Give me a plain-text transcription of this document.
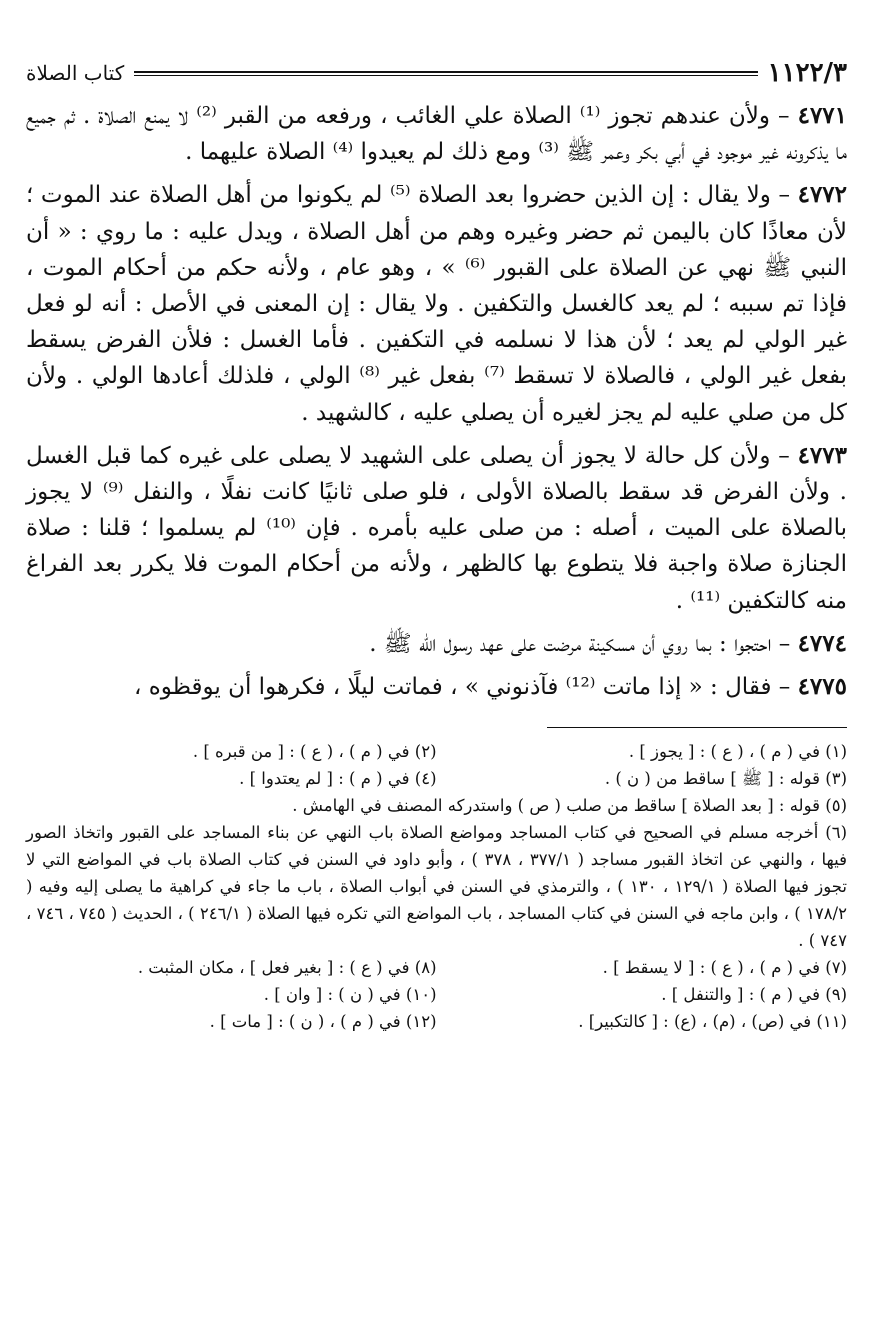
١١٢٢/٣
كتاب الصلاة

٤٧٧١ – ولأن عندهم تجوز ⁽¹⁾ الصلاة علي الغائب ، ورفعه من القبر ⁽²⁾ لا يمنع الصلاة . ثم جميع ما يذكرونه غير موجود في أبي بكر وعمر ﷺ ⁽³⁾ ومع ذلك لم يعيدوا ⁽⁴⁾ الصلاة عليهما .

٤٧٧٢ – ولا يقال : إن الذين حضروا بعد الصلاة ⁽⁵⁾ لم يكونوا من أهل الصلاة عند الموت ؛ لأن معاذًا كان باليمن ثم حضر وغيره وهم من أهل الصلاة ، ويدل عليه : ما روي : « أن النبي ﷺ نهي عن الصلاة على القبور ⁽⁶⁾ » ، وهو عام ، ولأنه حكم من أحكام الموت ، فإذا تم سببه ؛ لم يعد كالغسل والتكفين . ولا يقال : إن المعنى في الأصل : أنه لو فعل غير الولي لم يعد ؛ لأن هذا لا نسلمه في التكفين . فأما الغسل : فلأن الفرض يسقط بفعل غير الولي ، فالصلاة لا تسقط ⁽⁷⁾ بفعل غير ⁽⁸⁾ الولي ، فلذلك أعادها الولي . ولأن كل من صلي عليه لم يجز لغيره أن يصلي عليه ، كالشهيد .

٤٧٧٣ – ولأن كل حالة لا يجوز أن يصلى على الشهيد لا يصلى على غيره كما قبل الغسل . ولأن الفرض قد سقط بالصلاة الأولى ، فلو صلى ثانيًا كانت نفلًا ، والنفل ⁽⁹⁾ لا يجوز بالصلاة على الميت ، أصله : من صلى عليه بأمره . فإن ⁽¹⁰⁾ لم يسلموا ؛ قلنا : صلاة الجنازة صلاة واجبة فلا يتطوع بها كالظهر ، ولأنه من أحكام الموت فلا يكرر بعد الفراغ منه كالتكفين ⁽¹¹⁾ .

٤٧٧٤ – احتجوا : بما روي أن مسكينة مرضت على عهد رسول الله ﷺ .

٤٧٧٥ – فقال : « إذا ماتت ⁽¹²⁾ فآذنوني » ، فماتت ليلًا ، فكرهوا أن يوقظوه ،

(١) في ( م ) ، ( ع ) : [ يجوز ] .
(٢) في ( م ) ، ( ع ) : [ من قبره ] .
(٣) قوله : [ ﷺ ] ساقط من ( ن ) .
(٤) في ( م ) : [ لم يعتدوا ] .
(٥) قوله : [ بعد الصلاة ] ساقط من صلب ( ص ) واستدركه المصنف في الهامش .
(٦) أخرجه مسلم في الصحيح في كتاب المساجد ومواضع الصلاة باب النهي عن بناء المساجد على القبور واتخاذ الصور فيها ، والنهي عن اتخاذ القبور مساجد ( ٣٧٧/١ ، ٣٧٨ ) ، وأبو داود في السنن في كتاب الصلاة باب في المواضع التي لا تجوز فيها الصلاة ( ١٢٩/١ ، ١٣٠ ) ، والترمذي في السنن في أبواب الصلاة ، باب ما جاء في كراهية ما يصلى إليه وفيه ( ١٧٨/٢ ) ، وابن ماجه في السنن في كتاب المساجد ، باب المواضع التي تكره فيها الصلاة ( ٢٤٦/١ ) ، الحديث ( ٧٤٥ ، ٧٤٦ ، ٧٤٧ ) .
(٧) في ( م ) ، ( ع ) : [ لا يسقط ] .
(٨) في ( ع ) : [ بغير فعل ] ، مكان المثبت .
(٩) في ( م ) : [ والتنفل ] .
(١٠) في ( ن ) : [ وان ] .
(١١) في (ص) ، (م) ، (ع) : [ كالتكبير] .
(١٢) في ( م ) ، ( ن ) : [ مات ] .
